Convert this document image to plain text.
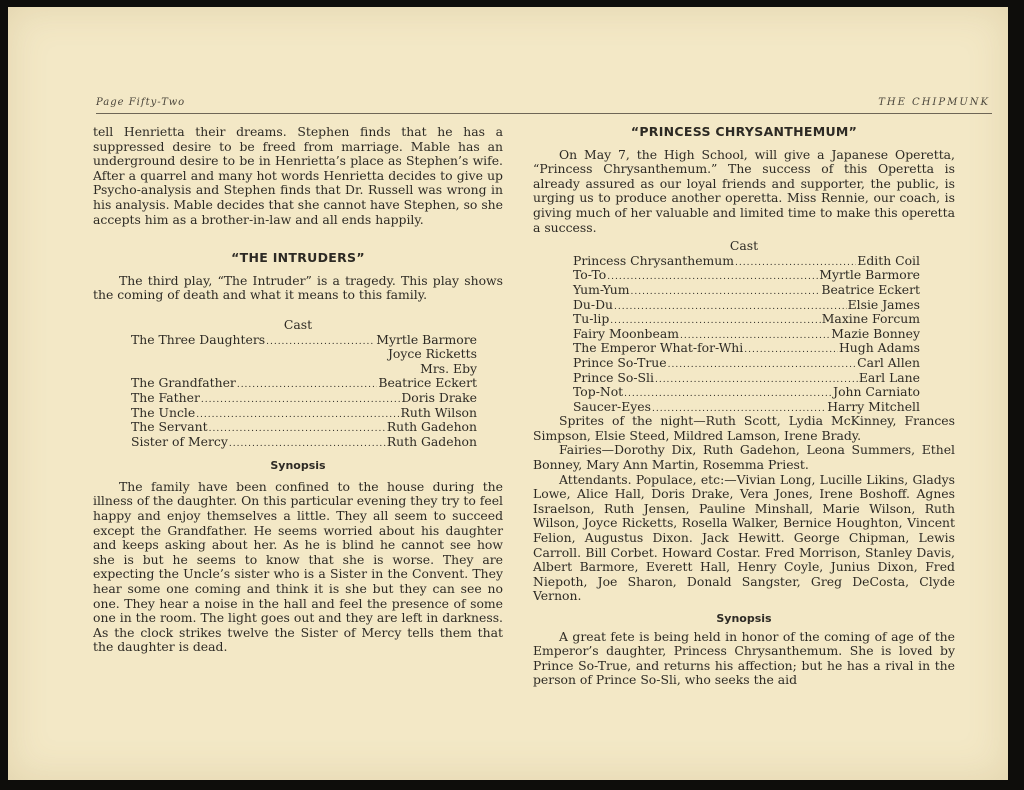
Page Fifty-Two	THE CHIPMUNK

tell Henrietta their dreams. Stephen finds that he has a suppressed desire to be freed from marriage. Mable has an underground desire to be in Henrietta’s place as Stephen’s wife. After a quarrel and many hot words Henrietta decides to give up Psycho-analysis and Stephen finds that Dr. Russell was wrong in his analysis. Mable decides that she cannot have Stephen, so she accepts him as a brother-in-law and all ends happily.

“THE INTRUDERS”

The third play, “The Intruder” is a tragedy. This play shows the coming of death and what it means to this family.

Cast
The Three Daughters .....	Myrtle Barmore
Joyce Ricketts
Mrs. Eby
The Grandfather .....	Beatrice Eckert
The Father .....	Doris Drake
The Uncle .....	Ruth Wilson
The Servant .....	Ruth Gadehon
Sister of Mercy .....	Ruth Gadehon
Synopsis

The family have been confined to the house during the illness of the daughter. On this particular evening they try to feel happy and enjoy themselves a little. They all seem to succeed except the Grandfather. He seems worried about his daughter and keeps asking about her. As he is blind he cannot see how she is but he seems to know that she is worse. They are expecting the Uncle’s sister who is a Sister in the Convent. They hear some one coming and think it is she but they can see no one. They hear a noise in the hall and feel the presence of some one in the room. The light goes out and they are left in darkness. As the clock strikes twelve the Sister of Mercy tells them that the daughter is dead.

“PRINCESS CHRYSANTHEMUM”

On May 7, the High School, will give a Japanese Operetta, “Princess Chrysanthemum.” The success of this Operetta is already assured as our loyal friends and supporter, the public, is urging us to produce another operetta. Miss Rennie, our coach, is giving much of her valuable and limited time to make this operetta a success.

Cast
Princess Chrysanthemum .....	Edith Coil
To-To .....	Myrtle Barmore
Yum-Yum .....	Beatrice Eckert
Du-Du .....	Elsie James
Tu-lip .....	Maxine Forcum
Fairy Moonbeam .....	Mazie Bonney
The Emperor What-for-Whi .....	Hugh Adams
Prince So-True .....	Carl Allen
Prince So-Sli .....	Earl Lane
Top-Not .....	John Carniato
Saucer-Eyes .....	Harry Mitchell

Sprites of the night—Ruth Scott, Lydia McKinney, Frances Simpson, Elsie Steed, Mildred Lamson, Irene Brady.

Fairies—Dorothy Dix, Ruth Gadehon, Leona Summers, Ethel Bonney, Mary Ann Martin, Rosemma Priest.

Attendants. Populace, etc:—Vivian Long, Lucille Likins, Gladys Lowe, Alice Hall, Doris Drake, Vera Jones, Irene Boshoff. Agnes Israelson, Ruth Jensen, Pauline Minshall, Marie Wilson, Ruth Wilson, Joyce Ricketts, Rosella Walker, Bernice Houghton, Vincent Felion, Augustus Dixon. Jack Hewitt. George Chipman, Lewis Carroll. Bill Corbet. Howard Costar. Fred Morrison, Stanley Davis, Albert Barmore, Everett Hall, Henry Coyle, Junius Dixon, Fred Niepoth, Joe Sharon, Donald Sangster, Greg DeCosta, Clyde Vernon.

Synopsis

A great fete is being held in honor of the coming of age of the Emperor’s daughter, Princess Chrysanthemum. She is loved by Prince So-True, and returns his affection; but he has a rival in the person of Prince So-Sli, who seeks the aid
